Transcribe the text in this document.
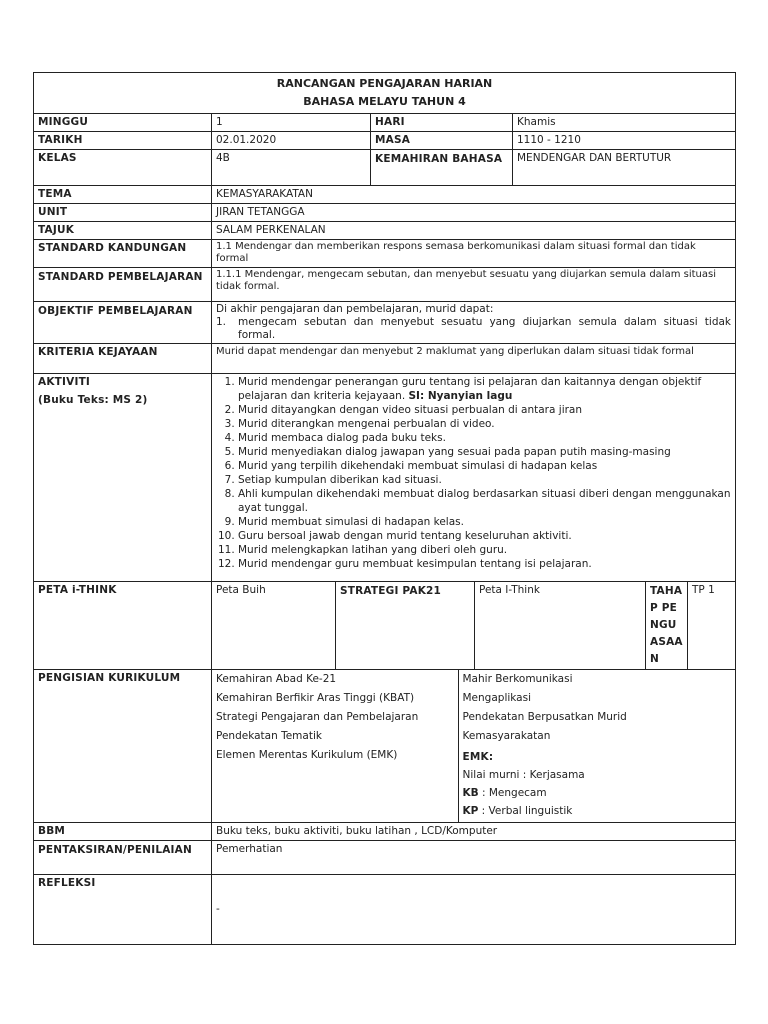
RANCANGAN PENGAJARAN HARIAN
BAHASA MELAYU TAHUN 4

MINGGU	1	HARI	Khamis
TARIKH	02.01.2020	MASA	1110 - 1210
KELAS	4B	KEMAHIRAN BAHASA	MENDENGAR DAN BERTUTUR
TEMA	KEMASYARAKATAN
UNIT	JIRAN TETANGGA
TAJUK	SALAM PERKENALAN
STANDARD KANDUNGAN	1.1 Mendengar dan memberikan respons semasa berkomunikasi dalam situasi formal dan tidak formal
STANDARD PEMBELAJARAN	1.1.1 Mendengar, mengecam sebutan, dan menyebut sesuatu yang diujarkan semula dalam situasi tidak formal.
OBJEKTIF PEMBELAJARAN	Di akhir pengajaran dan pembelajaran, murid dapat:
1.	mengecam sebutan dan menyebut sesuatu yang diujarkan semula dalam situasi tidak formal.

KRITERIA KEJAYAAN	Murid dapat mendengar dan menyebut 2 maklumat yang diperlukan dalam situasi tidak formal

AKTIVITI
(Buku Teks: MS 2)

1. Murid mendengar penerangan guru tentang isi pelajaran dan kaitannya dengan objektif pelajaran dan kriteria kejayaan. SI: Nyanyian lagu
2. Murid ditayangkan dengan video situasi perbualan di antara jiran
3. Murid diterangkan mengenai perbualan di video.
4. Murid membaca dialog pada buku teks.
5. Murid menyediakan dialog jawapan yang sesuai pada papan putih masing-masing
6. Murid yang terpilih dikehendaki membuat simulasi di hadapan kelas
7. Setiap kumpulan diberikan kad situasi.
8. Ahli kumpulan dikehendaki membuat dialog berdasarkan situasi diberi dengan menggunakan ayat tunggal.
9. Murid membuat simulasi di hadapan kelas.
10. Guru bersoal jawab dengan murid tentang keseluruhan aktiviti.
11. Murid melengkapkan latihan yang diberi oleh guru.
12. Murid mendengar guru membuat kesimpulan tentang isi pelajaran.

PETA i-THINK	Peta Buih	STRATEGI PAK21	Peta I-Think	TAHAP PENGUASAAN	TP 1
PENGISIAN KURIKULUM		Kemahiran Abad Ke-21	Mahir Berkomunikasi
Kemahiran Berfikir Aras Tinggi (KBAT)	Mengaplikasi
Strategi Pengajaran dan Pembelajaran	Pendekatan Berpusatkan Murid
Pendekatan Tematik	Kemasyarakatan
Elemen Merentas Kurikulum (EMK)	EMK:
Nilai murni : Kerjasama
KB : Mengecam
KP : Verbal linguistik

BBM	Buku teks, buku aktiviti, buku latihan , LCD/Komputer
PENTAKSIRAN/PENILAIAN	Pemerhatian
REFLEKSI	-
